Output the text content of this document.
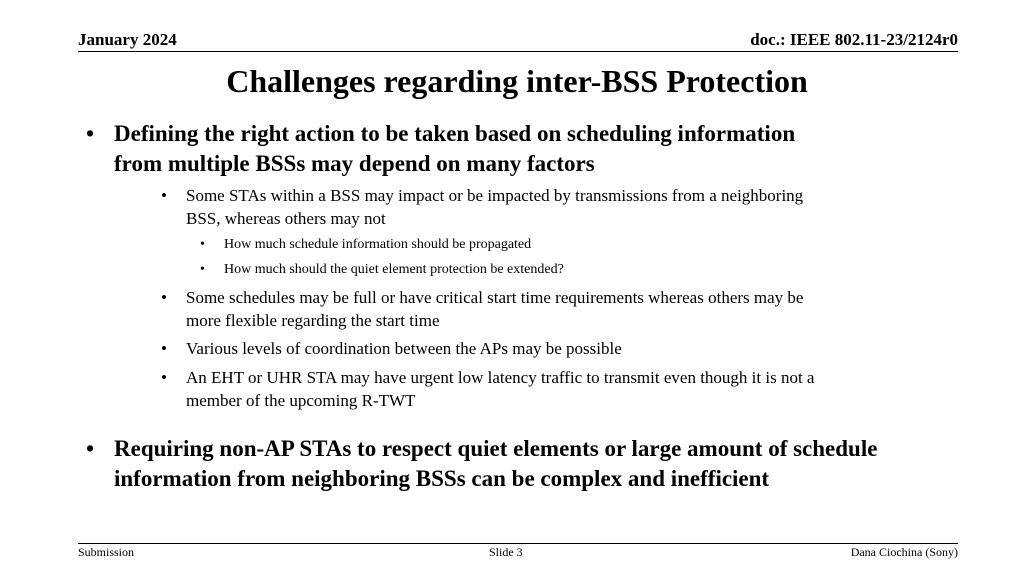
January 2024	doc.: IEEE 802.11-23/2124r0
Challenges regarding inter-BSS Protection
• Defining the right action to be taken based on scheduling information
from multiple BSSs may depend on many factors
• Some STAs within a BSS may impact or be impacted by transmissions from a neighboring
BSS, whereas others may not
• How much schedule information should be propagated
• How much should the quiet element protection be extended?
• Some schedules may be full or have critical start time requirements whereas others may be
more flexible regarding the start time
• Various levels of coordination between the APs may be possible
• An EHT or UHR STA may have urgent low latency traffic to transmit even though it is not a
member of the upcoming R-TWT
• Requiring non-AP STAs to respect quiet elements or large amount of schedule
information from neighboring BSSs can be complex and inefficient
Submission	Slide 3	Dana Ciochina (Sony)
